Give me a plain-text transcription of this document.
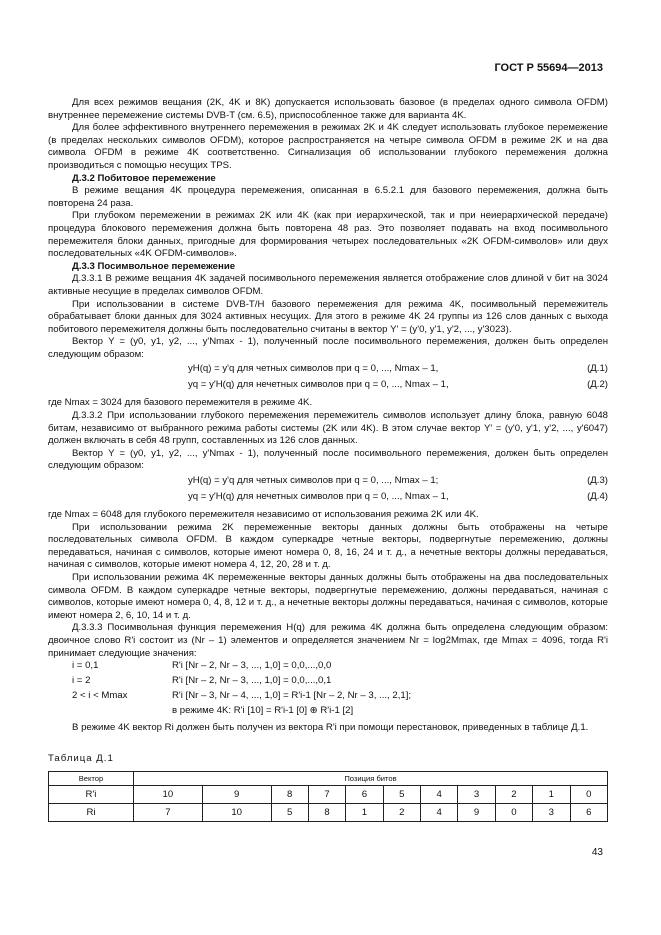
ГОСТ Р 55694—2013

Для всех режимов вещания (2K, 4K и 8K) допускается использовать базовое (в пределах одного символа OFDM) внутреннее перемежение системы DVB-T (см. 6.5), приспособленное также для варианта 4K.

Для более эффективного внутреннего перемежения в режимах 2K и 4K следует использовать глубокое перемежение (в пределах нескольких символов OFDM), которое распространяется на четыре символа OFDM в режиме 2K и на два символа OFDM в режиме 4K соответственно. Сигнализация об использовании глубокого перемежения должна производиться с помощью несущих TPS.

Д.3.2 Побитовое перемежение

В режиме вещания 4K процедура перемежения, описанная в 6.5.2.1 для базового перемежения, должна быть повторена 24 раза.

При глубоком перемежении в режимах 2K или 4K (как при иерархической, так и при неиерархической передаче) процедура блокового перемежения должна быть повторена 48 раз. Это позволяет подавать на вход посимвольного перемежителя блоки данных, пригодные для формирования четырех последовательных «2K OFDM-символов» или двух последовательных «4K OFDM-символов».

Д.3.3 Посимвольное перемежение

Д.3.3.1 В режиме вещания 4K задачей посимвольного перемежения является отображение слов длиной v бит на 3024 активные несущие в пределах символов OFDM.

При использовании в системе DVB-T/H базового перемежения для режима 4K, посимвольный перемежитель обрабатывает блоки данных для 3024 активных несущих. Для этого в режиме 4K 24 группы из 126 слов данных с выхода побитового перемежителя должны быть последовательно считаны в вектор Y' = (y'0, y'1, y'2, ..., y'3023).

Вектор Y = (y0, y1, y2, ..., y'Nmax - 1), полученный после посимвольного перемежения, должен быть определен следующим образом:

yH(q) = y'q для четных символов при q = 0, ..., Nmax – 1,	(Д.1)
yq = y'H(q) для нечетных символов при q = 0, ..., Nmax – 1,	(Д.2)

где Nmax = 3024 для базового перемежителя в режиме 4K.

Д.3.3.2 При использовании глубокого перемежения перемежитель символов использует длину блока, равную 6048 битам, независимо от выбранного режима работы системы (2K или 4K). В этом случае вектор Y' = (y'0, y'1, y'2, ..., y'6047) должен включать в себя 48 групп, составленных из 126 слов данных.

Вектор Y = (y0, y1, y2, ..., y'Nmax - 1), полученный после посимвольного перемежения, должен быть определен следующим образом:

yH(q) = y'q для четных символов при q = 0, ..., Nmax – 1;	(Д.3)
yq = y'H(q) для нечетных символов при q = 0, ..., Nmax – 1,	(Д.4)

где Nmax = 6048 для глубокого перемежителя независимо от использования режима 2K или 4K.

При использовании режима 2K перемеженные векторы данных должны быть отображены на четыре последовательных символа OFDM. В каждом суперкадре четные векторы, подвергнутые перемежению, должны передаваться, начиная с символов, которые имеют номера 0, 8, 16, 24 и т. д., а нечетные векторы должны передаваться, начиная с символов, которые имеют номера 4, 12, 20, 28 и т. д.

При использовании режима 4K перемеженные векторы данных должны быть отображены на два последовательных символа OFDM. В каждом суперкадре четные векторы, подвергнутые перемежению, должны передаваться, начиная с символов, которые имеют номера 0, 4, 8, 12 и т. д., а нечетные векторы должны передаваться, начиная с символов, которые имеют номера 2, 6, 10, 14 и т. д.

Д.3.3.3 Посимвольная функция перемежения H(q) для режима 4K должна быть определена следующим образом: двоичное слово R'i состоит из (Nr – 1) элементов и определяется значением Nr = log2Mmax, где Mmax = 4096, тогда R'i принимает следующие значения:

i = 0,1	R'i [Nr – 2, Nr – 3, ..., 1,0] = 0,0,...,0,0
i = 2	R'i [Nr – 2, Nr – 3, ..., 1,0] = 0,0,...,0,1
2 < i < Mmax	R'i [Nr – 3, Nr – 4, ..., 1,0] = R'i-1 [Nr – 2, Nr – 3, ..., 2,1];
в режиме 4K: R'i [10] = R'i-1 [0] ⊕ R'i-1 [2]

В режиме 4K вектор Ri должен быть получен из вектора R'i при помощи перестановок, приведенных в таблице Д.1.

Таблица Д.1

Вектор	Позиция битов										
R'i	10	9	8	7	6	5	4	3	2	1	0
Ri	7	10	5	8	1	2	4	9	0	3	6
43
